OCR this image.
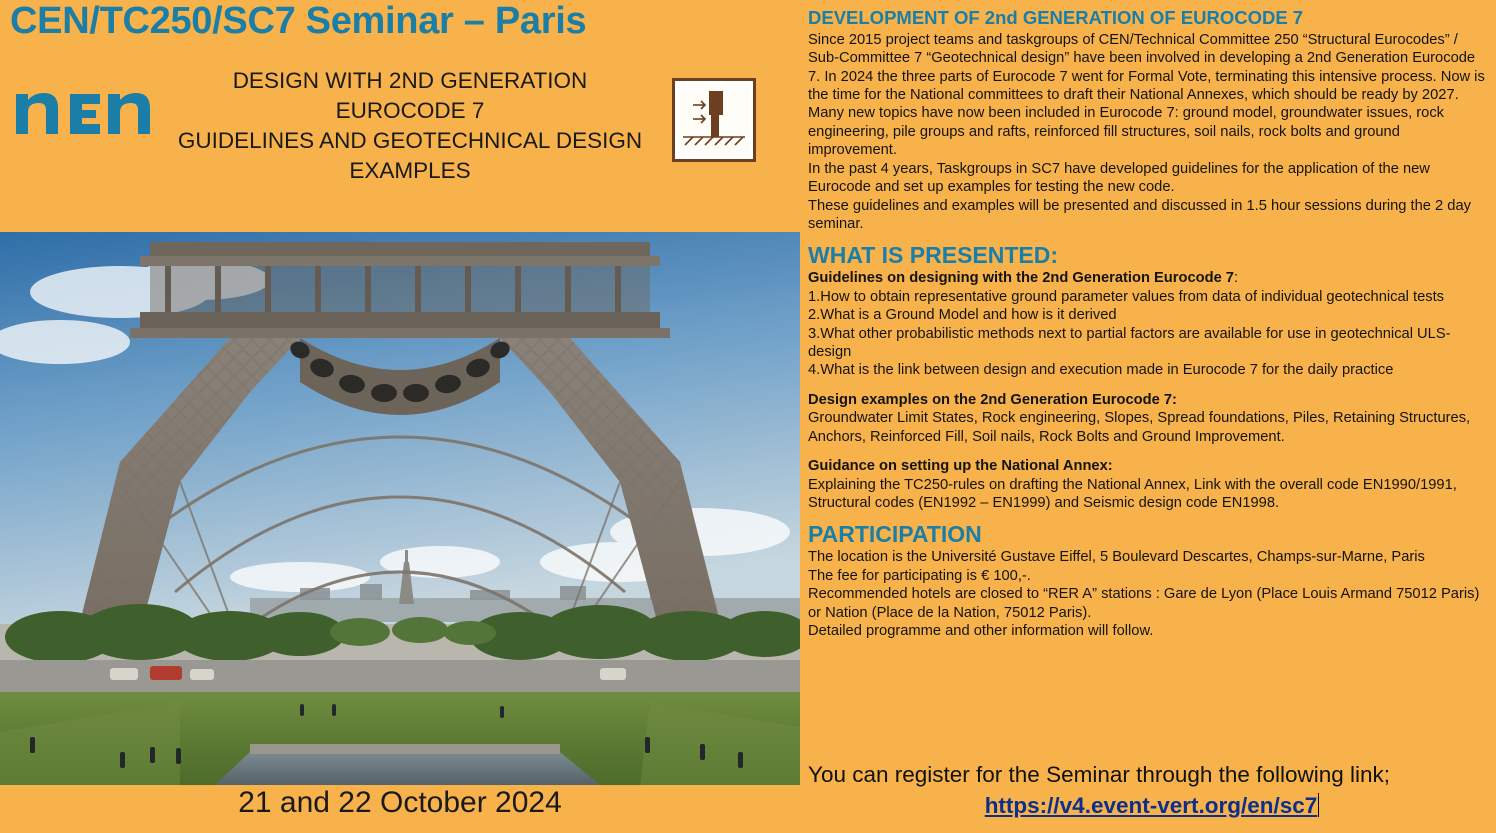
CEN/TC250/SC7 Seminar – Paris
DESIGN WITH 2ND GENERATION
EUROCODE 7
GUIDELINES AND GEOTECHNICAL DESIGN
EXAMPLES
21 and 22 October 2024
DEVELOPMENT OF 2nd GENERATION OF EUROCODE 7

Since 2015 project teams and taskgroups of CEN/Technical Committee 250 “Structural Eurocodes” / Sub-Committee 7 “Geotechnical design” have been involved in developing a 2nd Generation Eurocode 7. In 2024 the three parts of Eurocode 7 went for Formal Vote, terminating this intensive process. Now is the time for the National committees to draft their National Annexes, which should be ready by 2027.

Many new topics have now been included in Eurocode 7: ground model, groundwater issues, rock engineering, pile groups and rafts, reinforced fill structures, soil nails, rock bolts and ground improvement.

In the past 4 years, Taskgroups in SC7 have developed guidelines for the application of the new Eurocode and set up examples for testing the new code.

These guidelines and examples will be presented and discussed in 1.5 hour sessions during the 2 day seminar.

WHAT IS PRESENTED:

Guidelines on designing with the 2nd Generation Eurocode 7:

1.How to obtain representative ground parameter values from data of individual geotechnical tests

2.What is a Ground Model and how is it derived

3.What other probabilistic methods next to partial factors are available for use in geotechnical ULS-design

4.What is the link between design and execution made in Eurocode 7 for the daily practice

Design examples on the 2nd Generation Eurocode 7:

Groundwater Limit States, Rock engineering, Slopes, Spread foundations, Piles, Retaining Structures, Anchors, Reinforced Fill, Soil nails, Rock Bolts and Ground Improvement.

Guidance on setting up the National Annex:

Explaining the TC250-rules on drafting the National Annex, Link with the overall code EN1990/1991, Structural codes (EN1992 – EN1999) and Seismic design code EN1998.

PARTICIPATION

The location is the Université Gustave Eiffel, 5 Boulevard Descartes, Champs-sur-Marne, Paris

The fee for participating is € 100,-.

Recommended hotels are closed to “RER A” stations : Gare de Lyon (Place Louis Armand 75012 Paris) or Nation (Place de la Nation, 75012 Paris).

Detailed programme and other information will follow.

You can register for the Seminar through the following link;
https://v4.event-vert.org/en/sc7
